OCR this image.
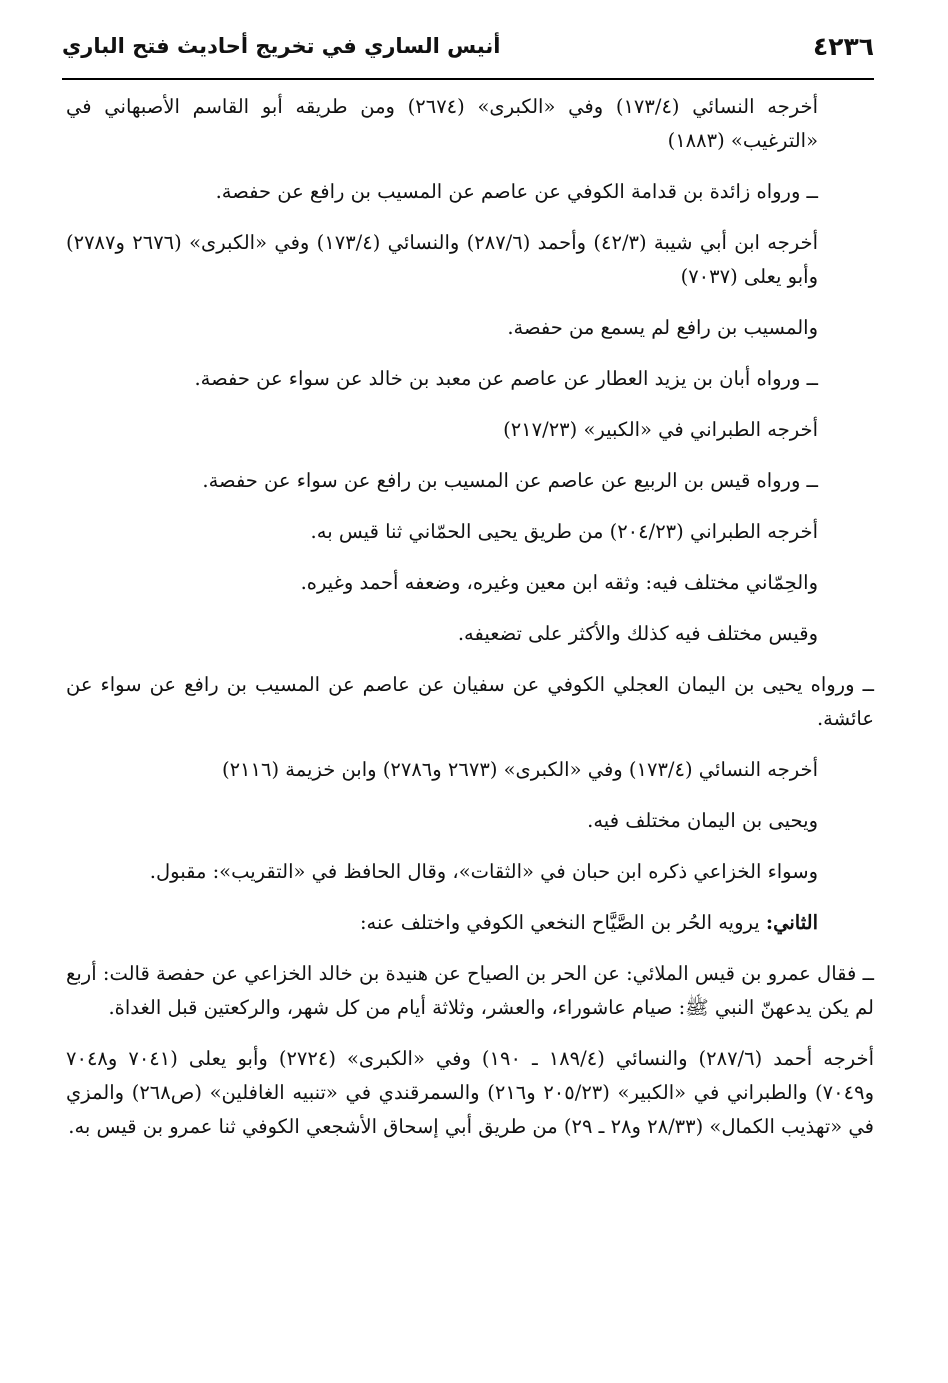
٤٢٣٦
أنيس الساري في تخريج أحاديث فتح الباري

أخرجه النسائي (١٧٣/٤) وفي «الكبرى» (٢٦٧٤) ومن طريقه أبو القاسم الأصبهاني في «الترغيب» (١٨٨٣)

ــ ورواه زائدة بن قدامة الكوفي عن عاصم عن المسيب بن رافع عن حفصة.

أخرجه ابن أبي شيبة (٤٢/٣) وأحمد (٢٨٧/٦) والنسائي (١٧٣/٤) وفي «الكبرى» (٢٦٧٦ و٢٧٨٧) وأبو يعلى (٧٠٣٧)

والمسيب بن رافع لم يسمع من حفصة.

ــ ورواه أبان بن يزيد العطار عن عاصم عن معبد بن خالد عن سواء عن حفصة.

أخرجه الطبراني في «الكبير» (٢١٧/٢٣)

ــ ورواه قيس بن الربيع عن عاصم عن المسيب بن رافع عن سواء عن حفصة.

أخرجه الطبراني (٢٠٤/٢٣) من طريق يحيى الحمّاني ثنا قيس به.

والحِمّاني مختلف فيه: وثقه ابن معين وغيره، وضعفه أحمد وغيره.

وقيس مختلف فيه كذلك والأكثر على تضعيفه.

ــ ورواه يحيى بن اليمان العجلي الكوفي عن سفيان عن عاصم عن المسيب بن رافع عن سواء عن عائشة.

أخرجه النسائي (١٧٣/٤) وفي «الكبرى» (٢٦٧٣ و٢٧٨٦) وابن خزيمة (٢١١٦)

ويحيى بن اليمان مختلف فيه.

وسواء الخزاعي ذكره ابن حبان في «الثقات»، وقال الحافظ في «التقريب»: مقبول.

الثاني: يرويه الحُر بن الصَّيَّاح النخعي الكوفي واختلف عنه:

ــ فقال عمرو بن قيس الملائي: عن الحر بن الصياح عن هنيدة بن خالد الخزاعي عن حفصة قالت: أربع لم يكن يدعهنّ النبي ﷺ: صيام عاشوراء، والعشر، وثلاثة أيام من كل شهر، والركعتين قبل الغداة.

أخرجه أحمد (٢٨٧/٦) والنسائي (١٨٩/٤ ـ ١٩٠) وفي «الكبرى» (٢٧٢٤) وأبو يعلى (٧٠٤١ و٧٠٤٨ و٧٠٤٩) والطبراني في «الكبير» (٢٠٥/٢٣ و٢١٦) والسمرقندي في «تنبيه الغافلين» (ص٢٦٨) والمزي في «تهذيب الكمال» (٢٨/٣٣ و٢٨ ـ ٢٩) من طريق أبي إسحاق الأشجعي الكوفي ثنا عمرو بن قيس به.
